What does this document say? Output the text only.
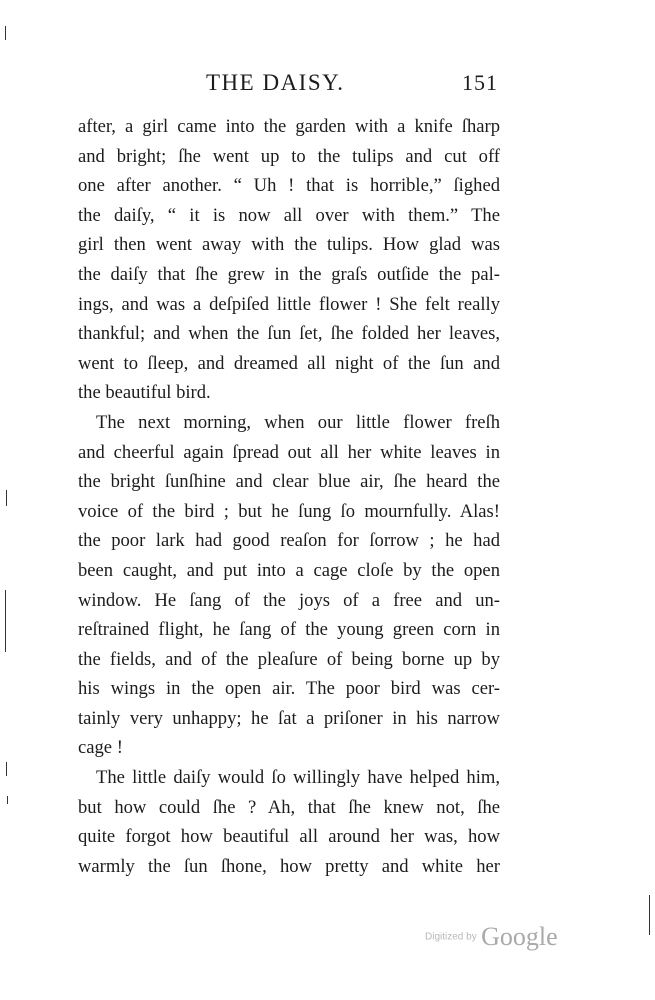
THE DAISY.	151
after, a girl came into the garden with a knife ſharp
and bright; ſhe went up to the tulips and cut off
one after another. “ Uh ! that is horrible,” ſighed
the daiſy, “ it is now all over with them.” The
girl then went away with the tulips. How glad was
the daiſy that ſhe grew in the graſs outſide the pal-
ings, and was a deſpiſed little flower ! She felt really
thankful; and when the ſun ſet, ſhe folded her leaves,
went to ſleep, and dreamed all night of the ſun and
the beautiful bird.
The next morning, when our little flower freſh
and cheerful again ſpread out all her white leaves in
the bright ſunſhine and clear blue air, ſhe heard the
voice of the bird ; but he ſung ſo mournfully. Alas!
the poor lark had good reaſon for ſorrow ; he had
been caught, and put into a cage cloſe by the open
window. He ſang of the joys of a free and un-
reſtrained flight, he ſang of the young green corn in
the fields, and of the pleaſure of being borne up by
his wings in the open air. The poor bird was cer-
tainly very unhappy; he ſat a priſoner in his narrow
cage !
The little daiſy would ſo willingly have helped him,
but how could ſhe ? Ah, that ſhe knew not, ſhe
quite forgot how beautiful all around her was, how
warmly the ſun ſhone, how pretty and white her
Digitized by Google
